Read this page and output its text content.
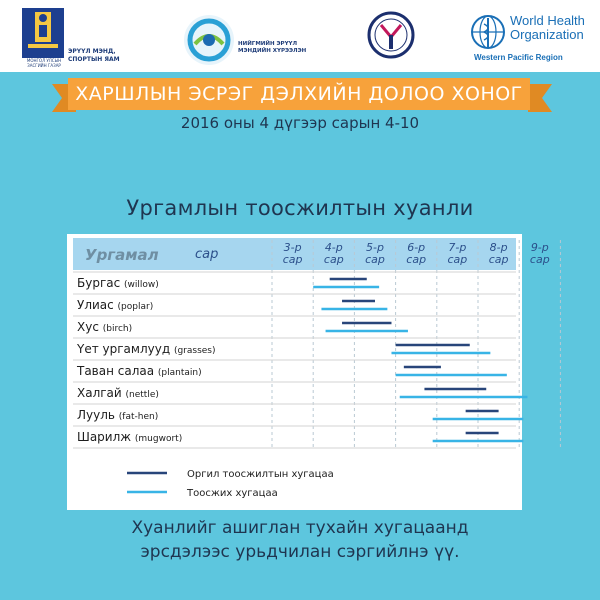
МОНГОЛ УЛСЫН
ЗАСГИЙН ГАЗАР
ЭРҮҮЛ МЭНД,
СПОРТЫН ЯАМ
НИЙГМИЙН ЭРҮҮЛ
МЭНДИЙН ХҮРЭЭЛЭН
World Health
Organization
Western Pacific Region
ХАРШЛЫН ЭСРЭГ ДЭЛХИЙН ДОЛОО ХОНОГ
2016 оны 4 дүгээр сарын 4-10
Ургамлын тоосжилтын хуанли
Ургамал	сар	3-р
сар
4-р
сар
5-р
сар
6-р
сар
7-р
сар
8-р
сар
9-р
сар
Бургас (willow)
Улиас (poplar)
Хус (birch)
Үет ургамлууд (grasses)
Таван салаа (plantain)
Халгай (nettle)
Лууль (fat-hen)
Шарилж (mugwort)
Оргил тоосжилтын хугацаа
Тоосжих хугацаа
Хуанлийг ашиглан тухайн хугацаанд
эрсдэлээс урьдчилан сэргийлнэ үү.
